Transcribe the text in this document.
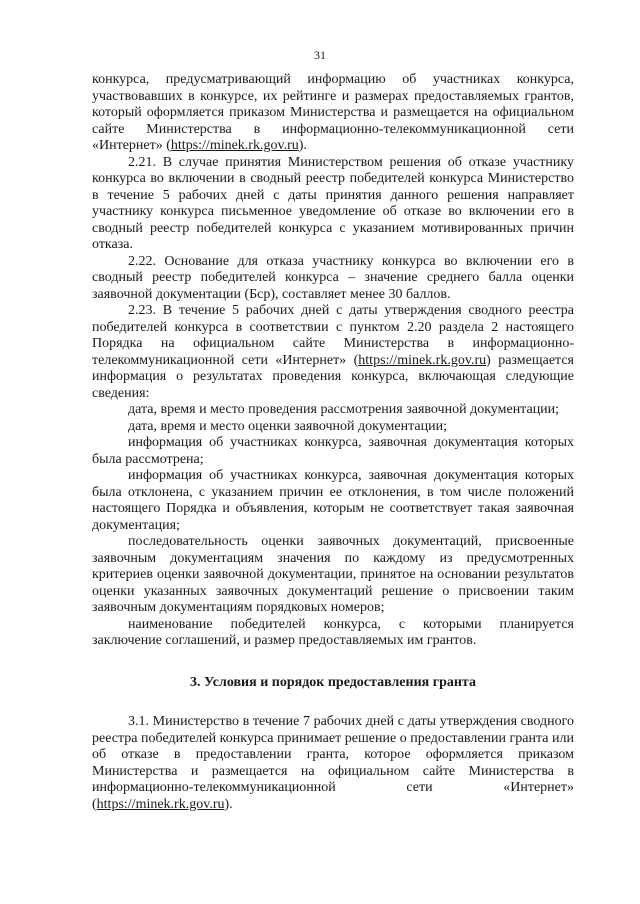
31

конкурса, предусматривающий информацию об участниках конкурса, участвовавших в конкурсе, их рейтинге и размерах предоставляемых грантов, который оформляется приказом Министерства и размещается на официальном сайте Министерства в информационно-телекоммуникационной сети «Интернет» (https://minek.rk.gov.ru).

2.21. В случае принятия Министерством решения об отказе участнику конкурса во включении в сводный реестр победителей конкурса Министерство в течение 5 рабочих дней с даты принятия данного решения направляет участнику конкурса письменное уведомление об отказе во включении его в сводный реестр победителей конкурса с указанием мотивированных причин отказа.

2.22. Основание для отказа участнику конкурса во включении его в сводный реестр победителей конкурса – значение среднего балла оценки заявочной документации (Бср), составляет менее 30 баллов.

2.23. В течение 5 рабочих дней с даты утверждения сводного реестра победителей конкурса в соответствии с пунктом 2.20 раздела 2 настоящего Порядка на официальном сайте Министерства в информационно-телекоммуникационной сети «Интернет» (https://minek.rk.gov.ru) размещается информация о результатах проведения конкурса, включающая следующие сведения:

дата, время и место проведения рассмотрения заявочной документации;

дата, время и место оценки заявочной документации;

информация об участниках конкурса, заявочная документация которых была рассмотрена;

информация об участниках конкурса, заявочная документация которых была отклонена, с указанием причин ее отклонения, в том числе положений настоящего Порядка и объявления, которым не соответствует такая заявочная документация;

последовательность оценки заявочных документаций, присвоенные заявочным документациям значения по каждому из предусмотренных критериев оценки заявочной документации, принятое на основании результатов оценки указанных заявочных документаций решение о присвоении таким заявочным документациям порядковых номеров;

наименование победителей конкурса, с которыми планируется заключение соглашений, и размер предоставляемых им грантов.

3. Условия и порядок предоставления гранта

3.1. Министерство в течение 7 рабочих дней с даты утверждения сводного реестра победителей конкурса принимает решение о предоставлении гранта или об отказе в предоставлении гранта, которое оформляется приказом Министерства и размещается на официальном сайте Министерства в информационно-телекоммуникационной сети «Интернет» (https://minek.rk.gov.ru).
